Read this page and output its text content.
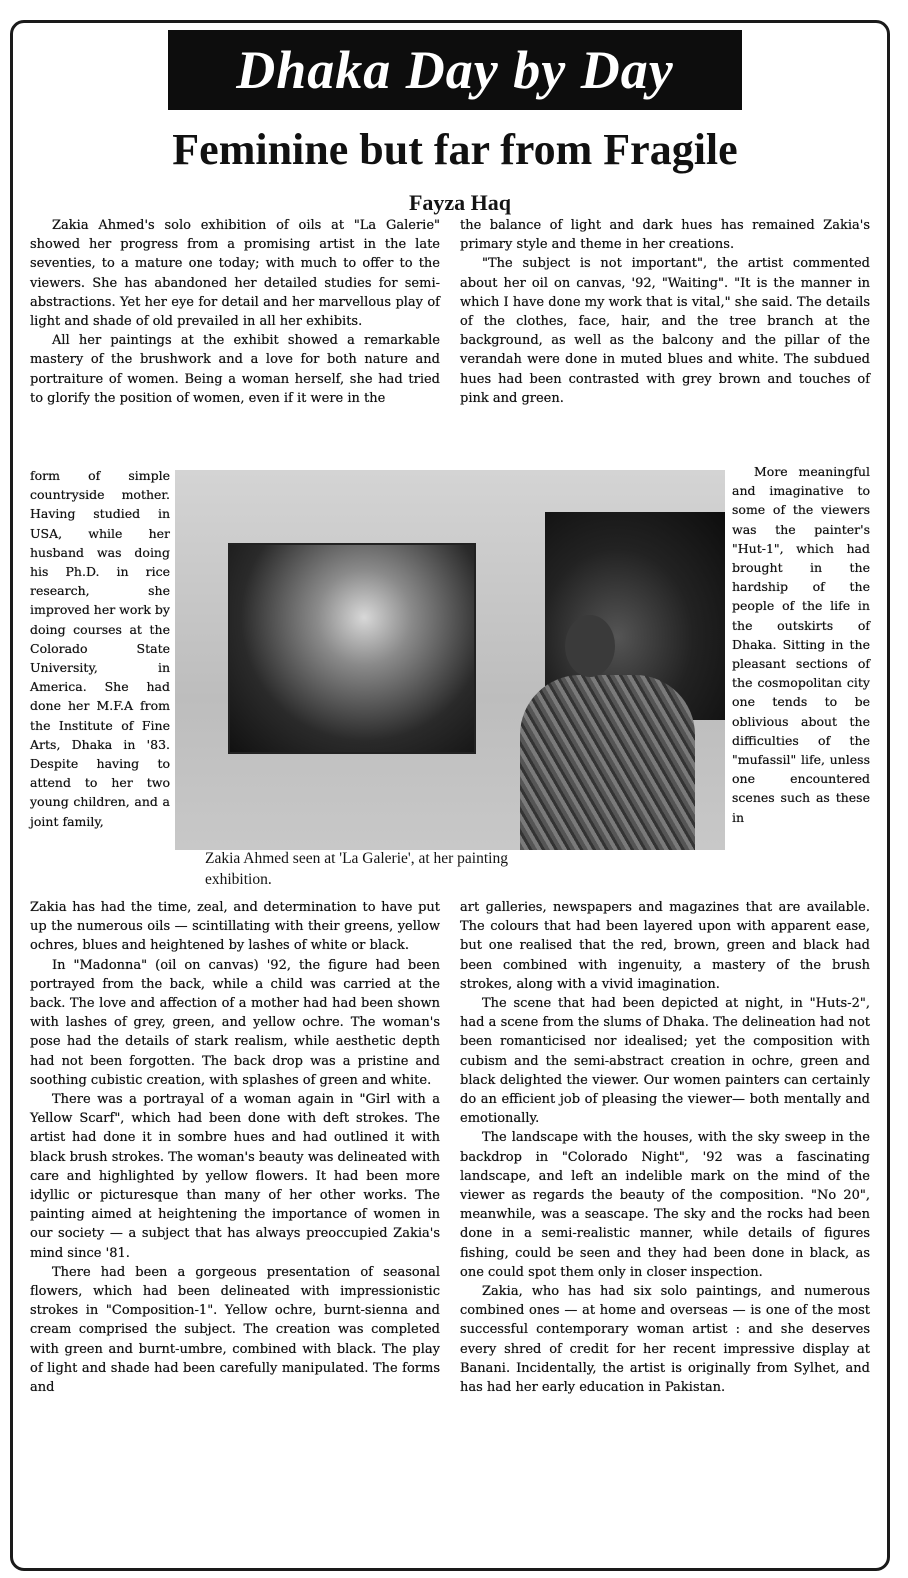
Dhaka Day by Day
Feminine but far from Fragile
Fayza Haq

Zakia Ahmed's solo exhibition of oils at "La Galerie" showed her progress from a promising artist in the late seventies, to a mature one today; with much to offer to the viewers. She has abandoned her detailed studies for semi-abstractions. Yet her eye for detail and her marvellous play of light and shade of old prevailed in all her exhibits.

All her paintings at the exhibit showed a remarkable mastery of the brushwork and a love for both nature and portraiture of women. Being a woman herself, she had tried to glorify the position of women, even if it were in the

form of simple countryside mother. Having studied in USA, while her husband was doing his Ph.D. in rice research, she improved her work by doing courses at the Colorado State University, in America. She had done her M.F.A from the Institute of Fine Arts, Dhaka in '83. Despite having to attend to her two young children, and a joint family,

Zakia has had the time, zeal, and determination to have put up the numerous oils — scintillating with their greens, yellow ochres, blues and heightened by lashes of white or black.

In "Madonna" (oil on canvas) '92, the figure had been portrayed from the back, while a child was carried at the back. The love and affection of a mother had had been shown with lashes of grey, green, and yellow ochre. The woman's pose had the details of stark realism, while aesthetic depth had not been forgotten. The back drop was a pristine and soothing cubistic creation, with splashes of green and white.

There was a portrayal of a woman again in "Girl with a Yellow Scarf", which had been done with deft strokes. The artist had done it in sombre hues and had outlined it with black brush strokes. The woman's beauty was delineated with care and highlighted by yellow flowers. It had been more idyllic or picturesque than many of her other works. The painting aimed at heightening the importance of women in our society — a subject that has always preoccupied Zakia's mind since '81.

There had been a gorgeous presentation of seasonal flowers, which had been delineated with impressionistic strokes in "Composition-1". Yellow ochre, burnt-sienna and cream comprised the subject. The creation was completed with green and burnt-umbre, combined with black. The play of light and shade had been carefully manipulated. The forms and

the balance of light and dark hues has remained Zakia's primary style and theme in her creations.

"The subject is not important", the artist commented about her oil on canvas, '92, "Waiting". "It is the manner in which I have done my work that is vital," she said. The details of the clothes, face, hair, and the tree branch at the background, as well as the balcony and the pillar of the verandah were done in muted blues and white. The subdued hues had been contrasted with grey brown and touches of pink and green.

More meaningful and imaginative to some of the viewers was the painter's "Hut-1", which had brought in the hardship of the people of the life in the outskirts of Dhaka. Sitting in the pleasant sections of the cosmopolitan city one tends to be oblivious about the difficulties of the "mufassil" life, unless one encountered scenes such as these in

art galleries, newspapers and magazines that are available. The colours that had been layered upon with apparent ease, but one realised that the red, brown, green and black had been combined with ingenuity, a mastery of the brush strokes, along with a vivid imagination.

The scene that had been depicted at night, in "Huts-2", had a scene from the slums of Dhaka. The delineation had not been romanticised nor idealised; yet the composition with cubism and the semi-abstract creation in ochre, green and black delighted the viewer. Our women painters can certainly do an efficient job of pleasing the viewer— both mentally and emotionally.

The landscape with the houses, with the sky sweep in the backdrop in "Colorado Night", '92 was a fascinating landscape, and left an indelible mark on the mind of the viewer as regards the beauty of the composition. "No 20", meanwhile, was a seascape. The sky and the rocks had been done in a semi-realistic manner, while details of figures fishing, could be seen and they had been done in black, as one could spot them only in closer inspection.

Zakia, who has had six solo paintings, and numerous combined ones — at home and overseas — is one of the most successful contemporary woman artist : and she deserves every shred of credit for her recent impressive display at Banani. Incidentally, the artist is originally from Sylhet, and has had her early education in Pakistan.

Zakia Ahmed seen at 'La Galerie', at her painting
exhibition.
